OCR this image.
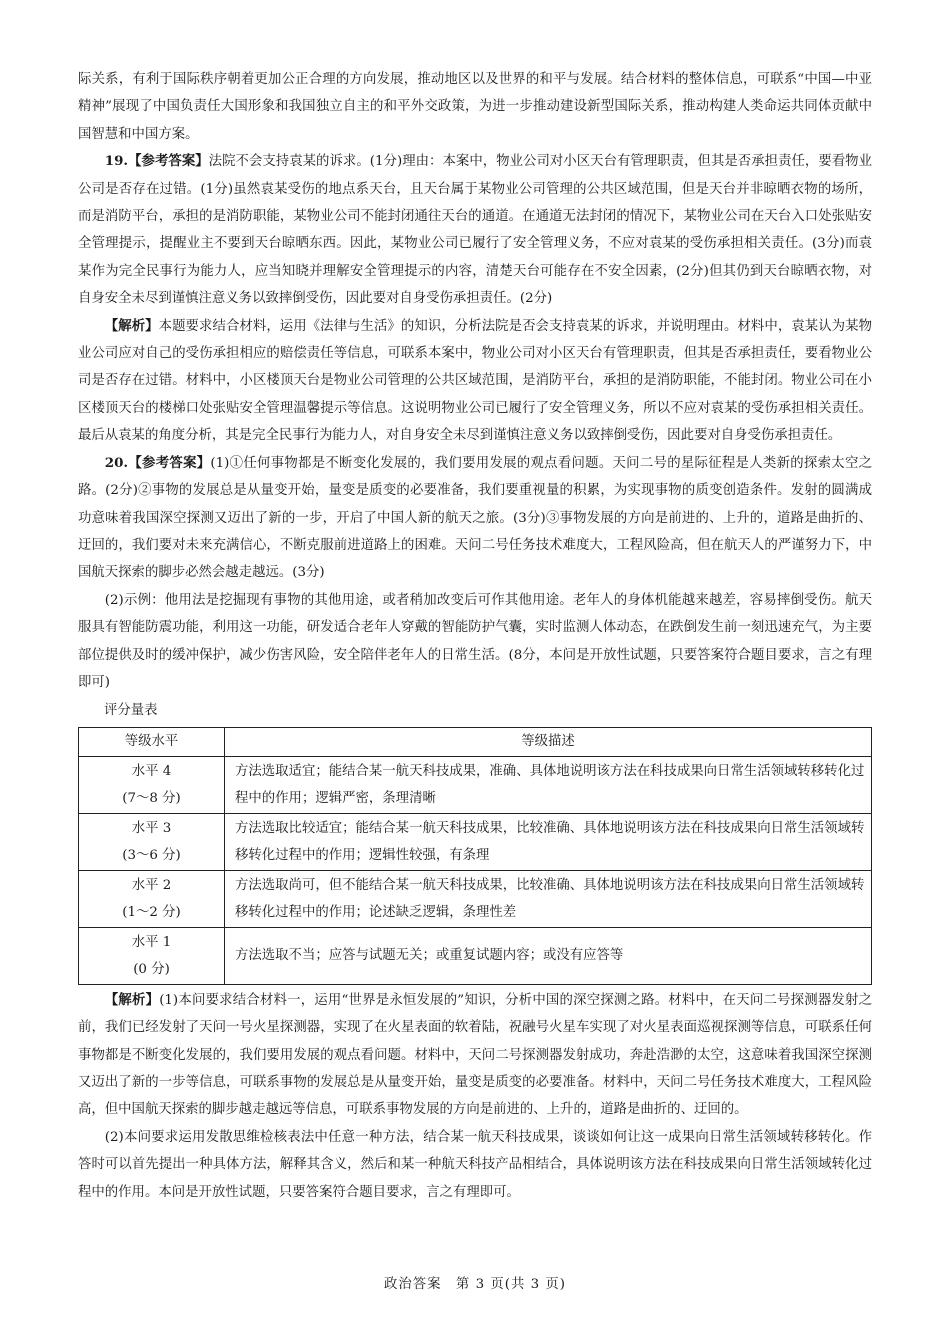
际关系，有利于国际秩序朝着更加公正合理的方向发展，推动地区以及世界的和平与发展。结合材料的整体信息，可联系“中国—中亚精神”展现了中国负责任大国形象和我国独立自主的和平外交政策，为进一步推动建设新型国际关系，推动构建人类命运共同体贡献中国智慧和中国方案。

19.【参考答案】法院不会支持袁某的诉求。(1分)理由：本案中，物业公司对小区天台有管理职责，但其是否承担责任，要看物业公司是否存在过错。(1分)虽然袁某受伤的地点系天台，且天台属于某物业公司管理的公共区域范围，但是天台并非晾晒衣物的场所，而是消防平台，承担的是消防职能，某物业公司不能封闭通往天台的通道。在通道无法封闭的情况下，某物业公司在天台入口处张贴安全管理提示，提醒业主不要到天台晾晒东西。因此，某物业公司已履行了安全管理义务，不应对袁某的受伤承担相关责任。(3分)而袁某作为完全民事行为能力人，应当知晓并理解安全管理提示的内容，清楚天台可能存在不安全因素，(2分)但其仍到天台晾晒衣物，对自身安全未尽到谨慎注意义务以致摔倒受伤，因此要对自身受伤承担责任。(2分)

【解析】本题要求结合材料，运用《法律与生活》的知识，分析法院是否会支持袁某的诉求，并说明理由。材料中，袁某认为某物业公司应对自己的受伤承担相应的赔偿责任等信息，可联系本案中，物业公司对小区天台有管理职责，但其是否承担责任，要看物业公司是否存在过错。材料中，小区楼顶天台是物业公司管理的公共区域范围，是消防平台，承担的是消防职能，不能封闭。物业公司在小区楼顶天台的楼梯口处张贴安全管理温馨提示等信息。这说明物业公司已履行了安全管理义务，所以不应对袁某的受伤承担相关责任。最后从袁某的角度分析，其是完全民事行为能力人，对自身安全未尽到谨慎注意义务以致摔倒受伤，因此要对自身受伤承担责任。

20.【参考答案】(1)①任何事物都是不断变化发展的，我们要用发展的观点看问题。天问二号的星际征程是人类新的探索太空之路。(2分)②事物的发展总是从量变开始，量变是质变的必要准备，我们要重视量的积累，为实现事物的质变创造条件。发射的圆满成功意味着我国深空探测又迈出了新的一步，开启了中国人新的航天之旅。(3分)③事物发展的方向是前进的、上升的，道路是曲折的、迂回的，我们要对未来充满信心，不断克服前进道路上的困难。天问二号任务技术难度大，工程风险高，但在航天人的严谨努力下，中国航天探索的脚步必然会越走越远。(3分)

(2)示例：他用法是挖掘现有事物的其他用途，或者稍加改变后可作其他用途。老年人的身体机能越来越差，容易摔倒受伤。航天服具有智能防震功能，利用这一功能，研发适合老年人穿戴的智能防护气囊，实时监测人体动态，在跌倒发生前一刻迅速充气，为主要部位提供及时的缓冲保护，减少伤害风险，安全陪伴老年人的日常生活。(8分，本问是开放性试题，只要答案符合题目要求，言之有理即可)

评分量表

等级水平	等级描述

水平 4
(7～8 分)	方法选取适宜；能结合某一航天科技成果，准确、具体地说明该方法在科技成果向日常生活领域转移转化过程中的作用；逻辑严密，条理清晰

水平 3
(3～6 分)	方法选取比较适宜；能结合某一航天科技成果，比较准确、具体地说明该方法在科技成果向日常生活领域转移转化过程中的作用；逻辑性较强，有条理

水平 2
(1～2 分)	方法选取尚可，但不能结合某一航天科技成果，比较准确、具体地说明该方法在科技成果向日常生活领域转移转化过程中的作用；论述缺乏逻辑，条理性差

水平 1
(0 分)	方法选取不当；应答与试题无关；或重复试题内容；或没有应答等

【解析】(1)本问要求结合材料一，运用“世界是永恒发展的”知识，分析中国的深空探测之路。材料中，在天问二号探测器发射之前，我们已经发射了天问一号火星探测器，实现了在火星表面的软着陆，祝融号火星车实现了对火星表面巡视探测等信息，可联系任何事物都是不断变化发展的，我们要用发展的观点看问题。材料中，天问二号探测器发射成功，奔赴浩渺的太空，这意味着我国深空探测又迈出了新的一步等信息，可联系事物的发展总是从量变开始，量变是质变的必要准备。材料中，天问二号任务技术难度大，工程风险高，但中国航天探索的脚步越走越远等信息，可联系事物发展的方向是前进的、上升的，道路是曲折的、迂回的。

(2)本问要求运用发散思维检核表法中任意一种方法，结合某一航天科技成果，谈谈如何让这一成果向日常生活领域转移转化。作答时可以首先提出一种具体方法，解释其含义，然后和某一种航天科技产品相结合，具体说明该方法在科技成果向日常生活领域转化过程中的作用。本问是开放性试题，只要答案符合题目要求，言之有理即可。

政治答案　第 3 页(共 3 页)
